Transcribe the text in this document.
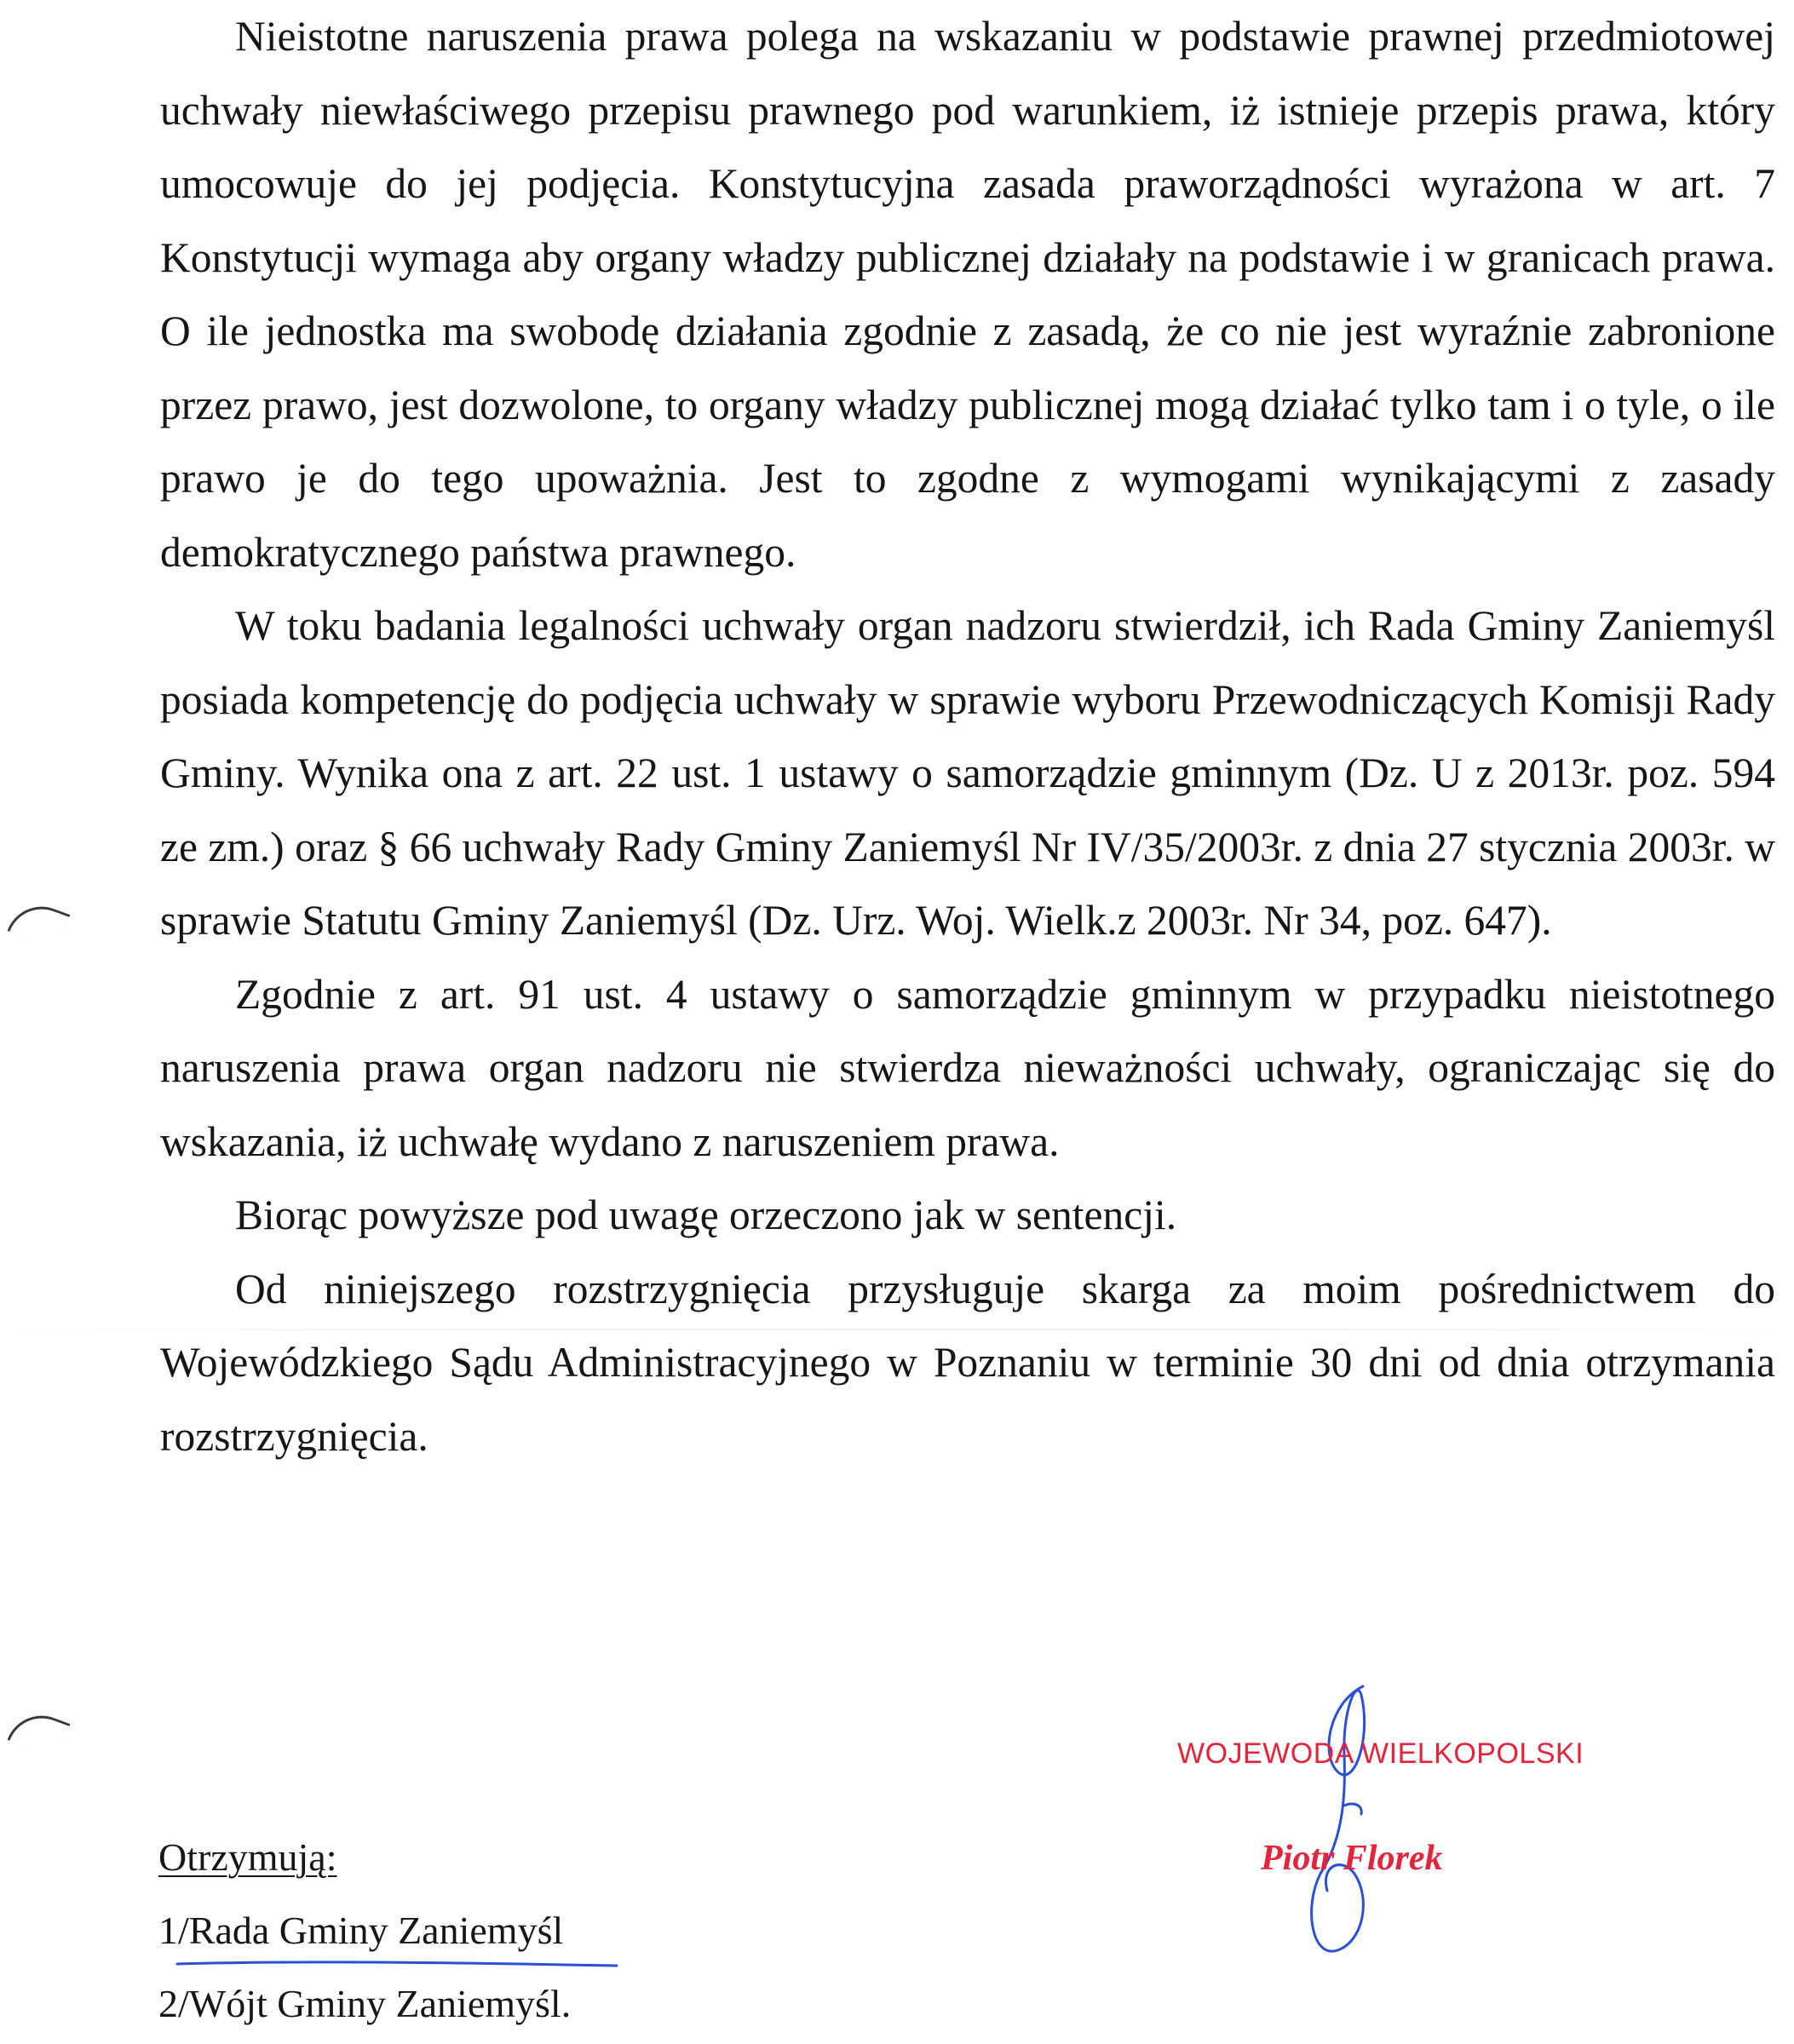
Nieistotne naruszenia prawa polega na wskazaniu w podstawie prawnej przedmiotowej uchwały niewłaściwego przepisu prawnego pod warunkiem, iż istnieje przepis prawa, który umocowuje do jej podjęcia. Konstytucyjna zasada praworządności wyrażona w art. 7 Konstytucji wymaga aby organy władzy publicznej działały na podstawie i w granicach prawa. O ile jednostka ma swobodę działania zgodnie z zasadą, że co nie jest wyraźnie zabronione przez prawo, jest dozwolone, to organy władzy publicznej mogą działać tylko tam i o tyle, o ile prawo je do tego upoważnia. Jest to zgodne z wymogami wynikającymi z zasady demokratycznego państwa prawnego.

W toku badania legalności uchwały organ nadzoru stwierdził, ich Rada Gminy Zaniemyśl posiada kompetencję do podjęcia uchwały w sprawie wyboru Przewodniczących Komisji Rady Gminy. Wynika ona z art. 22 ust. 1 ustawy o samorządzie gminnym (Dz. U z 2013r. poz. 594 ze zm.) oraz § 66 uchwały Rady Gminy Zaniemyśl Nr IV/35/2003r. z dnia 27 stycznia 2003r. w sprawie Statutu Gminy Zaniemyśl (Dz. Urz. Woj. Wielk.z 2003r. Nr 34, poz. 647).

Zgodnie z art. 91 ust. 4 ustawy o samorządzie gminnym w przypadku nieistotnego naruszenia prawa organ nadzoru nie stwierdza nieważności uchwały, ograniczając się do wskazania, iż uchwałę wydano z naruszeniem prawa.

Biorąc powyższe pod uwagę orzeczono jak w sentencji.

Od niniejszego rozstrzygnięcia przysługuje skarga za moim pośrednictwem do Wojewódzkiego Sądu Administracyjnego w Poznaniu w terminie 30 dni od dnia otrzymania rozstrzygnięcia.

WOJEWODA WIELKOPOLSKI
Piotr Florek
Otrzymują:
1/Rada Gminy Zaniemyśl
2/Wójt Gminy Zaniemyśl.
